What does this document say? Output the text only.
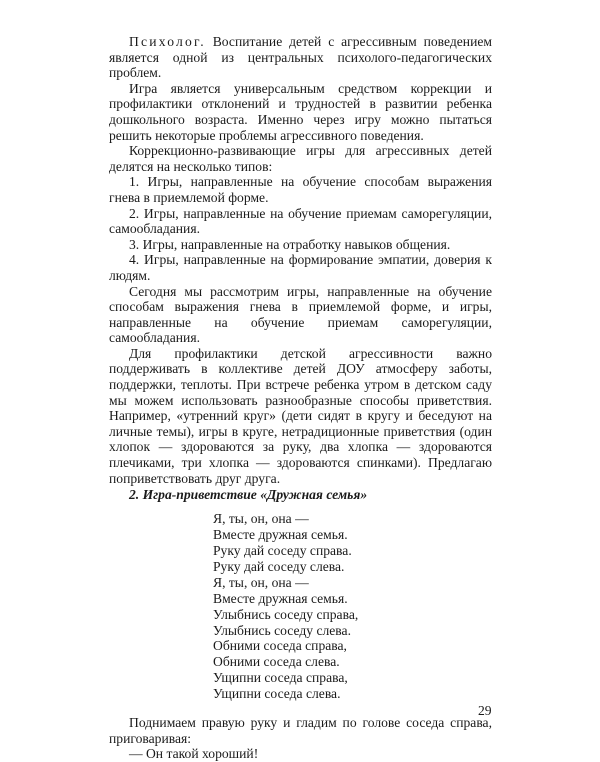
Психолог. Воспитание детей с агрессивным поведением является одной из центральных психолого-педагогических проблем.

Игра является универсальным средством коррекции и профилактики отклонений и трудностей в развитии ребенка дошкольного возраста. Именно через игру можно пытаться решить некоторые проблемы агрессивного поведения.

Коррекционно-развивающие игры для агрессивных детей делятся на несколько типов:

1. Игры, направленные на обучение способам выражения гнева в приемлемой форме.

2. Игры, направленные на обучение приемам саморегуляции, самообладания.

3. Игры, направленные на отработку навыков общения.

4. Игры, направленные на формирование эмпатии, доверия к людям.

Сегодня мы рассмотрим игры, направленные на обучение способам выражения гнева в приемлемой форме, и игры, направленные на обучение приемам саморегуляции, самообладания.

Для профилактики детской агрессивности важно поддерживать в коллективе детей ДОУ атмосферу заботы, поддержки, теплоты. При встрече ребенка утром в детском саду мы можем использовать разнообразные способы приветствия. Например, «утренний круг» (дети сидят в кругу и беседуют на личные темы), игры в круге, нетрадиционные приветствия (один хлопок — здороваются за руку, два хлопка — здороваются плечиками, три хлопка — здороваются спинками). Предлагаю поприветствовать друг друга.

2. Игра-приветствие «Дружная семья»

Я, ты, он, она —
Вместе дружная семья.
Руку дай соседу справа.
Руку дай соседу слева.
Я, ты, он, она —
Вместе дружная семья.
Улыбнись соседу справа,
Улыбнись соседу слева.
Обними соседа справа,
Обними соседа слева.
Ущипни соседа справа,
Ущипни соседа слева.

Поднимаем правую руку и гладим по голове соседа справа, приговаривая:

— Он такой хороший!

29
